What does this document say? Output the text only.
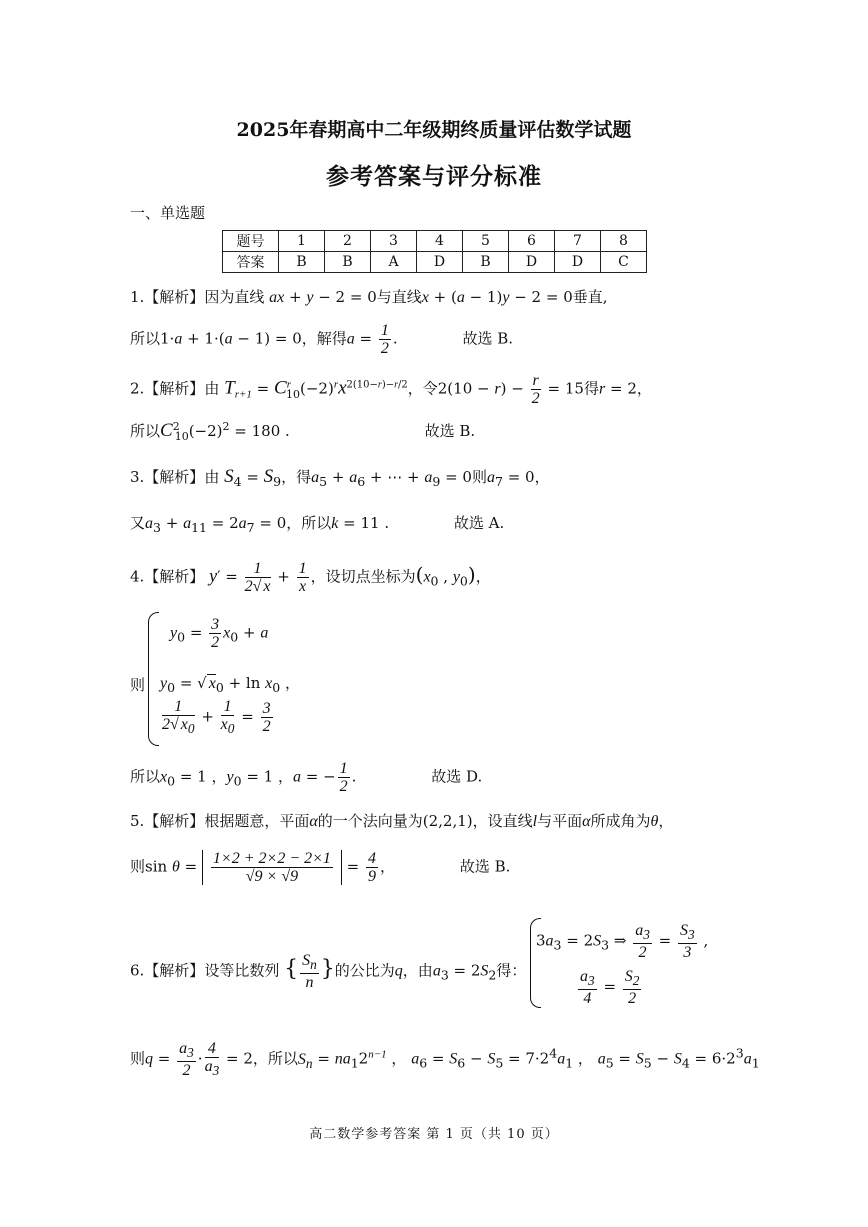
2025年春期高中二年级期终质量评估数学试题
参考答案与评分标准
一、单选题
题号	1	2	3	4	5	6	7	8
答案	B	B	A	D	B	D	D	C
1.【解析】因为直线 ax + y − 2 = 0与直线x + (a − 1)y − 2 = 0垂直,
所以1·a + 1·(a − 1) = 0，解得$a = \frac{1}{2}$ .	故选 B.
2.【解析】由 $T_{r+1} = C^r_{10}(-2)^rx^{2(10-r)-r/2}$，令$2(10 - r) - \frac{r}{2} = 15$得r = 2，
所以$C^2_{10}(-2)^2 = 180$ .	故选 B.
3.【解析】由 $S_4 = S_9$，得$a_5 + a_6$ + ⋯ + $a_9 = 0$则$a_7 = 0$，
又$a_3 + a_{11} = 2a_7 = 0$，所以k = 11 .	故选 A.
4.【解析】 $y' = \frac{1}{2√ x} + \frac{1}{x}$ ，设切点坐标为($x_0$ , $y_0$)，
则
$y_0 = \frac{3}{2} x_0 + a$
$y_0$ = √ $x_0 + \ln x_0$ ，
$\frac{1}{2√ x_0} + \frac{1}{x_0} = \frac{3}{2}$
所以$x_0 = 1$ ，$y_0 = 1$ ，a = − $\frac{1}{2}$ .	故选 D.
5.【解析】根据题意，平面α的一个法向量为(2,2,1)，设直线l与平面α所成角为θ，
则$\sin \theta = \frac{1\times 2 + 2\times 2 - 2\times 1}{√9 \times √9} = \frac{4}{9}$ ，	故选 B.
6.【解析】设等比数列 { $\frac{S_n}{n}$ }的公比为q，由$a_3 = 2S_2$得：
$3a_3 = 2S_3$ ⇒ $\frac{a_3}{2} = \frac{S_3}{3}$ ,
$\frac{a_3}{4} = \frac{S_2}{2}$
则$q = \frac{a_3}{2} \cdot \frac{4}{a_3} = 2$，所以$S_n = na_12^{n-1}$ ， $a_6 = S_6 - S_5 = 7\cdot 2^4a_1$ ， $a_5 = S_5 - S_4 = 6\cdot 2^3a_1$
高二数学参考答案 第 1 页（共 10 页）
